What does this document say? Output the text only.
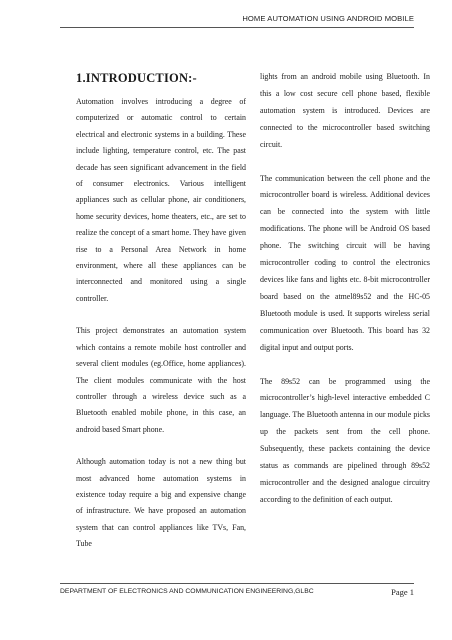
HOME AUTOMATION USING ANDROID MOBILE
1.INTRODUCTION:-

Automation involves introducing a degree of computerized or automatic control to certain electrical and electronic systems in a building. These include lighting, temperature control, etc. The past decade has seen significant advancement in the field of consumer electronics. Various intelligent appliances such as cellular phone, air conditioners, home security devices, home theaters, etc., are set to realize the concept of a smart home. They have given rise to a Personal Area Network in home environment, where all these appliances can be interconnected and monitored using a single controller.

This project demonstrates an automation system which contains a remote mobile host controller and several client modules (eg.Office, home appliances). The client modules communicate with the host controller through a wireless device such as a Bluetooth enabled mobile phone, in this case, an android based Smart phone.

Although automation today is not a new thing but most advanced home automation systems in existence today require a big and expensive change of infrastructure. We have proposed an automation system that can control appliances like TVs, Fan, Tube

lights from an android mobile using Bluetooth. In this a low cost secure cell phone based, flexible automation system is introduced. Devices are connected to the microcontroller based switching circuit.

The communication between the cell phone and the microcontroller board is wireless. Additional devices can be connected into the system with little modifications. The phone will be Android OS based phone. The switching circuit will be having microcontroller coding to control the electronics devices like fans and lights etc. 8-bit microcontroller board based on the atmel89s52 and the HC-05 Bluetooth module is used. It supports wireless serial communication over Bluetooth. This board has 32 digital input and output ports.

The 89s52 can be programmed using the microcontroller’s high-level interactive embedded C language. The Bluetooth antenna in our module picks up the packets sent from the cell phone. Subsequently, these packets containing the device status as commands are pipelined through 89s52 microcontroller and the designed analogue circuitry according to the definition of each output.

DEPARTMENT OF ELECTRONICS AND COMMUNICATION ENGINEERING,GLBC	Page 1
